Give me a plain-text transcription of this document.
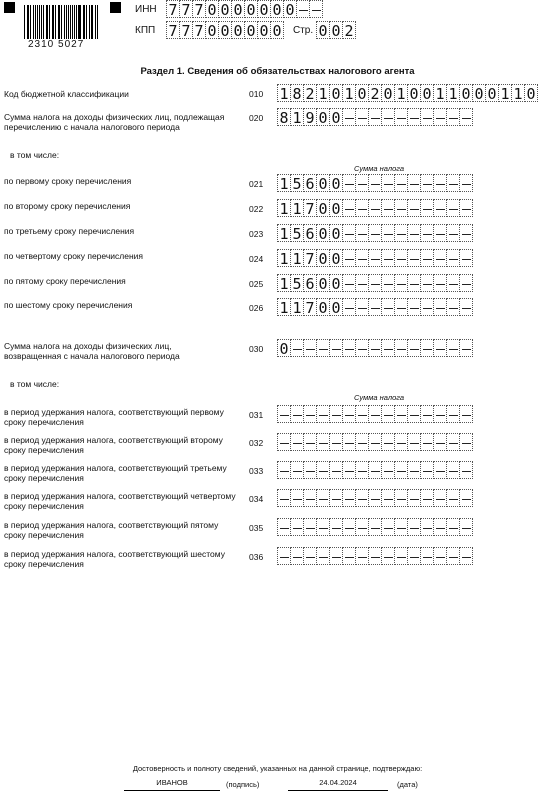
2310 5027
ИНН 7 7 7 0 0 0 0 0 0 0
КПП 7 7 7 0 0 0 0 0 0 Стр. 0 0 2
Раздел 1. Сведения об обязательствах налогового агента
Код бюджетной классификации	010 1 8 2 1 0 1 0 2 0 1 0 0 1 1 0 0 0 1 1 0
Сумма налога на доходы физических лиц, подлежащая перечислению с начала налогового периода
020 8 1 9 0 0
в том числе:
Сумма налога
по первому сроку перечисления	021 1 5 6 0 0
по второму сроку перечисления	022 1 1 7 0 0
по третьему сроку перечисления	023 1 5 6 0 0
по четвертому сроку перечисления	024 1 1 7 0 0
по пятому сроку перечисления	025 1 5 6 0 0
по шестому сроку перечисления	026 1 1 7 0 0
Сумма налога на доходы физических лиц, возвращенная с начала налогового периода
030 0
в том числе:
Сумма налога
в период удержания налога, соответствующий первому сроку перечисления
031
в период удержания налога, соответствующий второму сроку перечисления
032
в период удержания налога, соответствующий третьему сроку перечисления
033
в период удержания налога, соответствующий четвертому сроку перечисления
034
в период удержания налога, соответствующий пятому сроку перечисления
035
в период удержания налога, соответствующий шестому сроку перечисления
036
Достоверность и полноту сведений, указанных на данной странице, подтверждаю:
ИВАНОВ	(подпись)	24.04.2024	(дата)
